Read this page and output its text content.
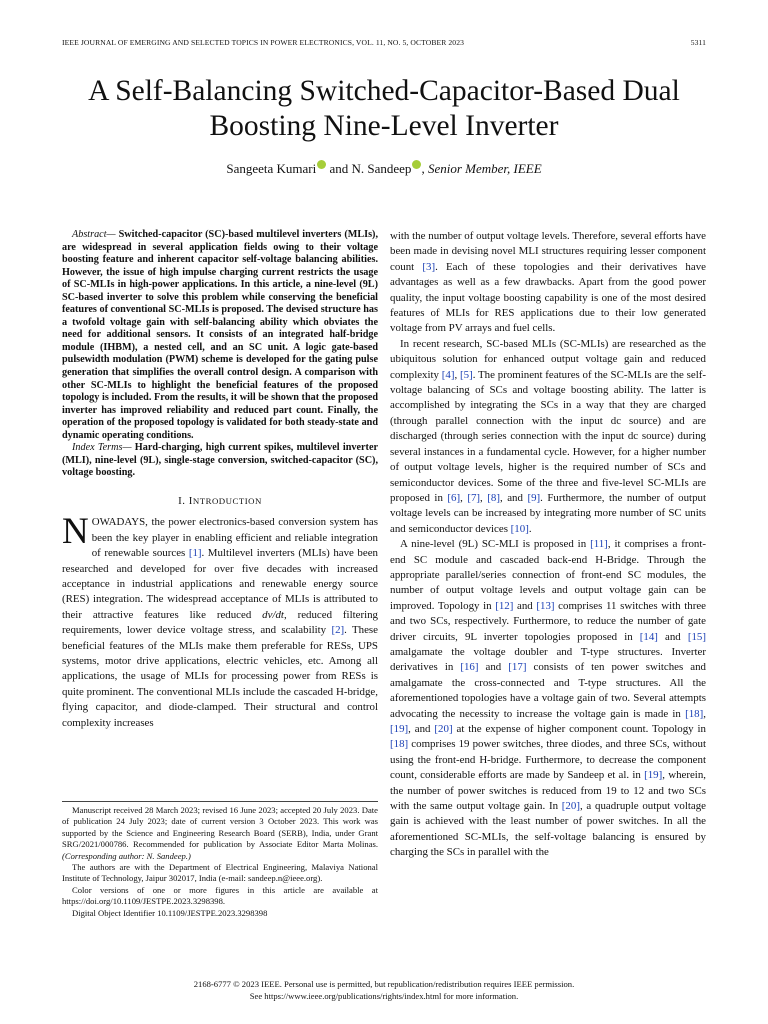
IEEE JOURNAL OF EMERGING AND SELECTED TOPICS IN POWER ELECTRONICS, VOL. 11, NO. 5, OCTOBER 2023	5311
A Self-Balancing Switched-Capacitor-Based Dual
Boosting Nine-Level Inverter
Sangeeta Kumari and N. Sandeep , Senior Member, IEEE

Abstract— Switched-capacitor (SC)-based multilevel inverters (MLIs), are widespread in several application fields owing to their voltage boosting feature and inherent capacitor self-voltage balancing abilities. However, the issue of high impulse charging current restricts the usage of SC-MLIs in high-power applications. In this article, a nine-level (9L) SC-based inverter to solve this problem while conserving the beneficial features of conventional SC-MLIs is proposed. The devised structure has a twofold voltage gain with self-balancing ability which obviates the need for additional sensors. It consists of an integrated half-bridge module (IHBM), a nested cell, and an SC unit. A logic gate-based pulsewidth modulation (PWM) scheme is developed for the gating pulse generation that simplifies the overall control design. A comparison with other SC-MLIs to highlight the beneficial features of the proposed topology is included. From the results, it will be shown that the proposed inverter has improved reliability and reduced part count. Finally, the operation of the proposed topology is validated for both steady-state and dynamic operating conditions.

Index Terms— Hard-charging, high current spikes, multilevel inverter (MLI), nine-level (9L), single-stage conversion, switched-capacitor (SC), voltage boosting.

I. INTRODUCTION

NOWADAYS, the power electronics-based conversion system has been the key player in enabling efficient and reliable integration of renewable sources [1]. Multilevel inverters (MLIs) have been researched and developed for over five decades with increased acceptance in industrial applications and renewable energy source (RES) integration. The widespread acceptance of MLIs is attributed to their attractive features like reduced dv/dt, reduced filtering requirements, lower device voltage stress, and scalability [2]. These beneficial features of the MLIs make them preferable for RESs, UPS systems, motor drive applications, electric vehicles, etc. Among all applications, the usage of MLIs for processing power from RESs is quite prominent. The conventional MLIs include the cascaded H-bridge, flying capacitor, and diode-clamped. Their structural and control complexity increases

Manuscript received 28 March 2023; revised 16 June 2023; accepted 20 July 2023. Date of publication 24 July 2023; date of current version 3 October 2023. This work was supported by the Science and Engineering Research Board (SERB), India, under Grant SRG/2021/000786. Recommended for publication by Associate Editor Marta Molinas. (Corresponding author: N. Sandeep.)

The authors are with the Department of Electrical Engineering, Malaviya National Institute of Technology, Jaipur 302017, India (e-mail: sandeep.n@ieee.org).

Color versions of one or more figures in this article are available at https://doi.org/10.1109/JESTPE.2023.3298398.

Digital Object Identifier 10.1109/JESTPE.2023.3298398

with the number of output voltage levels. Therefore, several efforts have been made in devising novel MLI structures requiring lesser component count [3]. Each of these topologies and their derivatives have advantages as well as a few drawbacks. Apart from the good power quality, the input voltage boosting capability is one of the most desired features of MLIs for RES applications due to their low generated voltage from PV arrays and fuel cells.

In recent research, SC-based MLIs (SC-MLIs) are researched as the ubiquitous solution for enhanced output voltage gain and reduced complexity [4], [5]. The prominent features of the SC-MLIs are the self-voltage balancing of SCs and voltage boosting ability. The latter is accomplished by integrating the SCs in a way that they are charged (through parallel connection with the input dc source) and are discharged (through series connection with the input dc source) during several instances in a fundamental cycle. However, for a higher number of output voltage levels, higher is the required number of SCs and semiconductor devices. Some of the three and five-level SC-MLIs are proposed in [6], [7], [8], and [9]. Furthermore, the number of output voltage levels can be increased by integrating more number of SC units and semiconductor devices [10].

A nine-level (9L) SC-MLI is proposed in [11], it comprises a front-end SC module and cascaded back-end H-Bridge. Through the appropriate parallel/series connection of front-end SC modules, the number of output voltage levels and output voltage gain can be improved. Topology in [12] and [13] comprises 11 switches with three and two SCs, respectively. Furthermore, to reduce the number of gate driver circuits, 9L inverter topologies proposed in [14] and [15] amalgamate the voltage doubler and T-type structures. Inverter derivatives in [16] and [17] consists of ten power switches and amalgamate the cross-connected and T-type structures. All the aforementioned topologies have a voltage gain of two. Several attempts advocating the necessity to increase the voltage gain is made in [18], [19], and [20] at the expense of higher component count. Topology in [18] comprises 19 power switches, three diodes, and three SCs, without using the front-end H-bridge. Furthermore, to decrease the component count, considerable efforts are made by Sandeep et al. in [19], wherein, the number of power switches is reduced from 19 to 12 and two SCs with the same output voltage gain. In [20], a quadruple output voltage gain is achieved with the least number of power switches. In all the aforementioned SC-MLIs, the self-voltage balancing is ensured by charging the SCs in parallel with the

2168-6777 © 2023 IEEE. Personal use is permitted, but republication/redistribution requires IEEE permission.
See https://www.ieee.org/publications/rights/index.html for more information.
